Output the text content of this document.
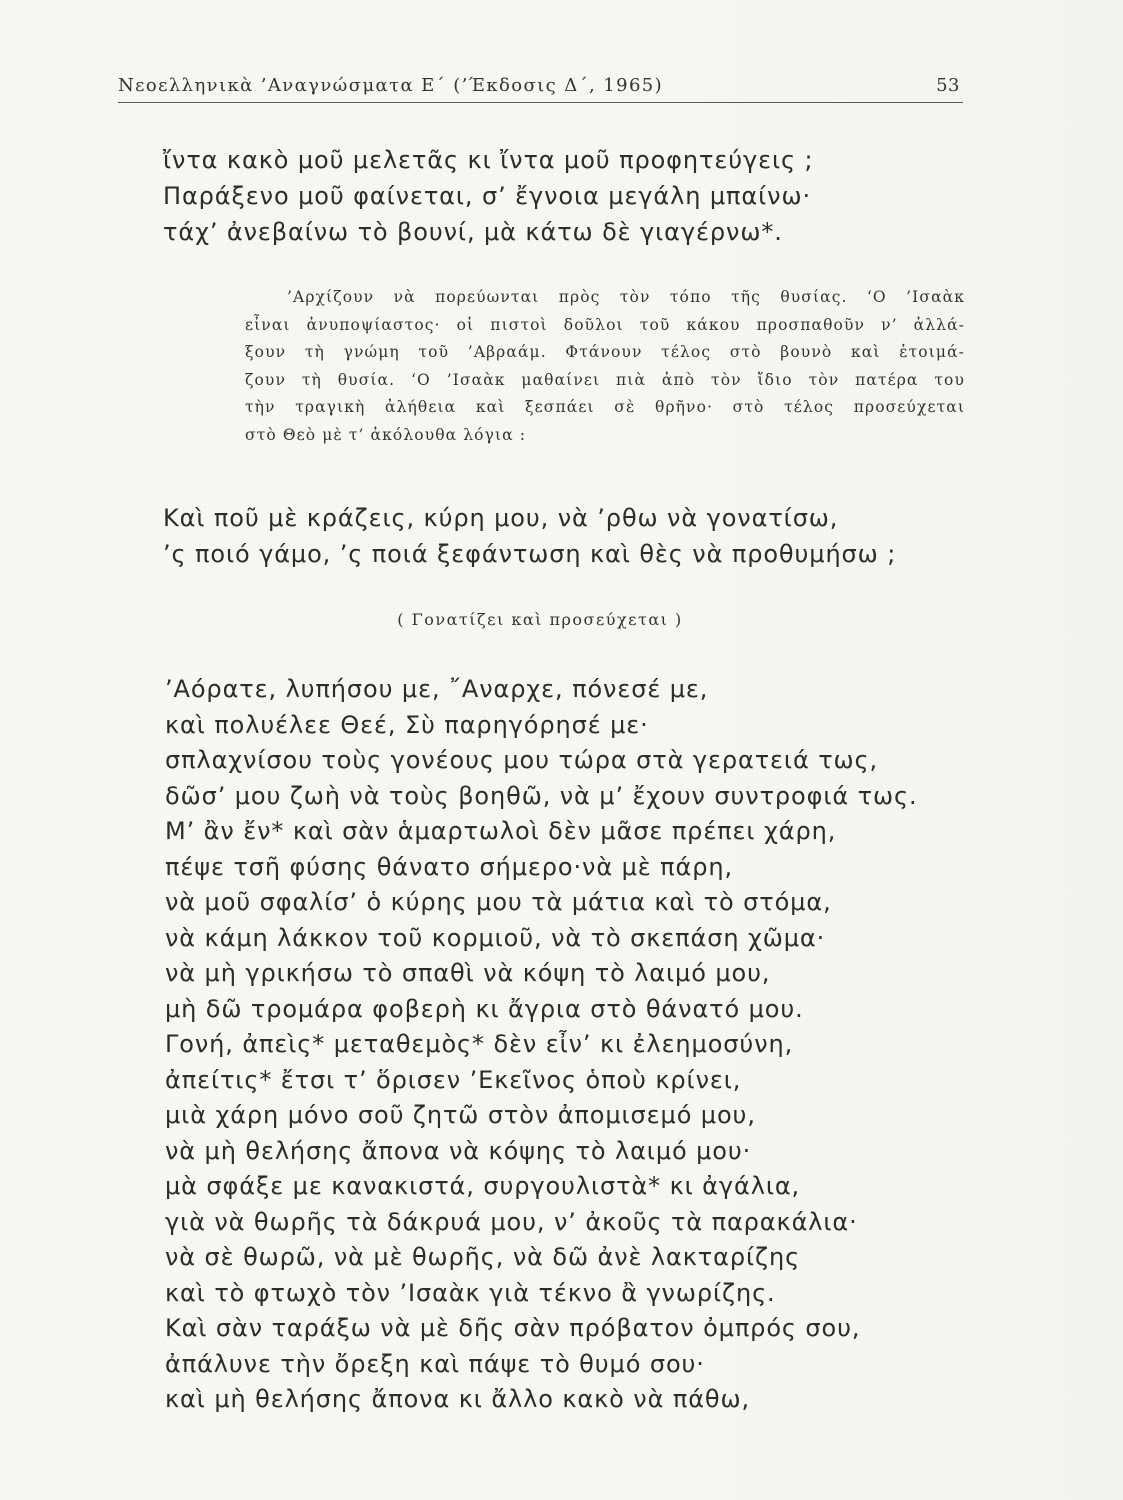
Νεοελληνικὰ ’Αναγνώσματα Ε΄ (’Έκδοσις Δ΄, 1965)	53
ἴντα κακὸ μοῦ μελετᾶς κι ἴντα μοῦ προφητεύγεις ;
Παράξενο μοῦ φαίνεται, σ’ ἔγνοια μεγάλη μπαίνω·
τάχ’ ἀνεβαίνω τὸ βουνί, μὰ κάτω δὲ γιαγέρνω*.
’Αρχίζουν νὰ πορεύωνται πρὸς τὸν τόπο τῆς θυσίας. ‘Ο ’Ισαὰκ
εἶναι ἀνυποψίαστος· οἱ πιστοὶ δοῦλοι τοῦ κάκου προσπαθοῦν ν’ ἀλλά-
ξουν τὴ γνώμη τοῦ ’Αβραάμ. Φτάνουν τέλος στὸ βουνὸ καὶ ἑτοιμά-
ζουν τὴ θυσία. ‘Ο ’Ισαὰκ μαθαίνει πιὰ ἀπὸ τὸν ἴδιο τὸν πατέρα του
τὴν τραγικὴ ἀλήθεια καὶ ξεσπάει σὲ θρῆνο· στὸ τέλος προσεύχεται
στὸ Θεὸ μὲ τ’ ἀκόλουθα λόγια :
Καὶ ποῦ μὲ κράζεις, κύρη μου, νὰ ’ρθω νὰ γονατίσω,
’ς ποιό γάμο, ’ς ποιά ξεφάντωση καὶ θὲς νὰ προθυμήσω ;
( Γονατίζει καὶ προσεύχεται )
’Αόρατε, λυπήσου με, ῎Αναρχε, πόνεσέ με,
καὶ πολυέλεε Θεέ, Σὺ παρηγόρησέ με·
σπλαχνίσου τοὺς γονέους μου τώρα στὰ γερατειά τως,
δῶσ’ μου ζωὴ νὰ τοὺς βοηθῶ, νὰ μ’ ἔχουν συντροφιά τως.
Μ’ ἂν ἔν* καὶ σὰν ἁμαρτωλοὶ δὲν μᾶσε πρέπει χάρη,
πέψε τσῆ φύσης θάνατο σήμερο·νὰ μὲ πάρη,
νὰ μοῦ σφαλίσ’ ὁ κύρης μου τὰ μάτια καὶ τὸ στόμα,
νὰ κάμη λάκκον τοῦ κορμιοῦ, νὰ τὸ σκεπάση χῶμα·
νὰ μὴ γρικήσω τὸ σπαθὶ νὰ κόψη τὸ λαιμό μου,
μὴ δῶ τρομάρα φοβερὴ κι ἄγρια στὸ θάνατό μου.
Γονή, ἀπεὶς* μεταθεμὸς* δὲν εἶν’ κι ἐλεημοσύνη,
ἀπείτις* ἔτσι τ’ ὅρισεν ’Εκεῖνος ὁποὺ κρίνει,
μιὰ χάρη μόνο σοῦ ζητῶ στὸν ἀπομισεμό μου,
νὰ μὴ θελήσης ἄπονα νὰ κόψης τὸ λαιμό μου·
μὰ σφάξε με κανακιστά, συργουλιστὰ* κι ἀγάλια,
γιὰ νὰ θωρῆς τὰ δάκρυά μου, ν’ ἀκοῦς τὰ παρακάλια·
νὰ σὲ θωρῶ, νὰ μὲ θωρῆς, νὰ δῶ ἀνὲ λακταρίζης
καὶ τὸ φτωχὸ τὸν ’Ισαὰκ γιὰ τέκνο ἂ γνωρίζης.
Καὶ σὰν ταράξω νὰ μὲ δῆς σὰν πρόβατον ὀμπρός σου,
ἀπάλυνε τὴν ὄρεξη καὶ πάψε τὸ θυμό σου·
καὶ μὴ θελήσης ἄπονα κι ἄλλο κακὸ νὰ πάθω,
